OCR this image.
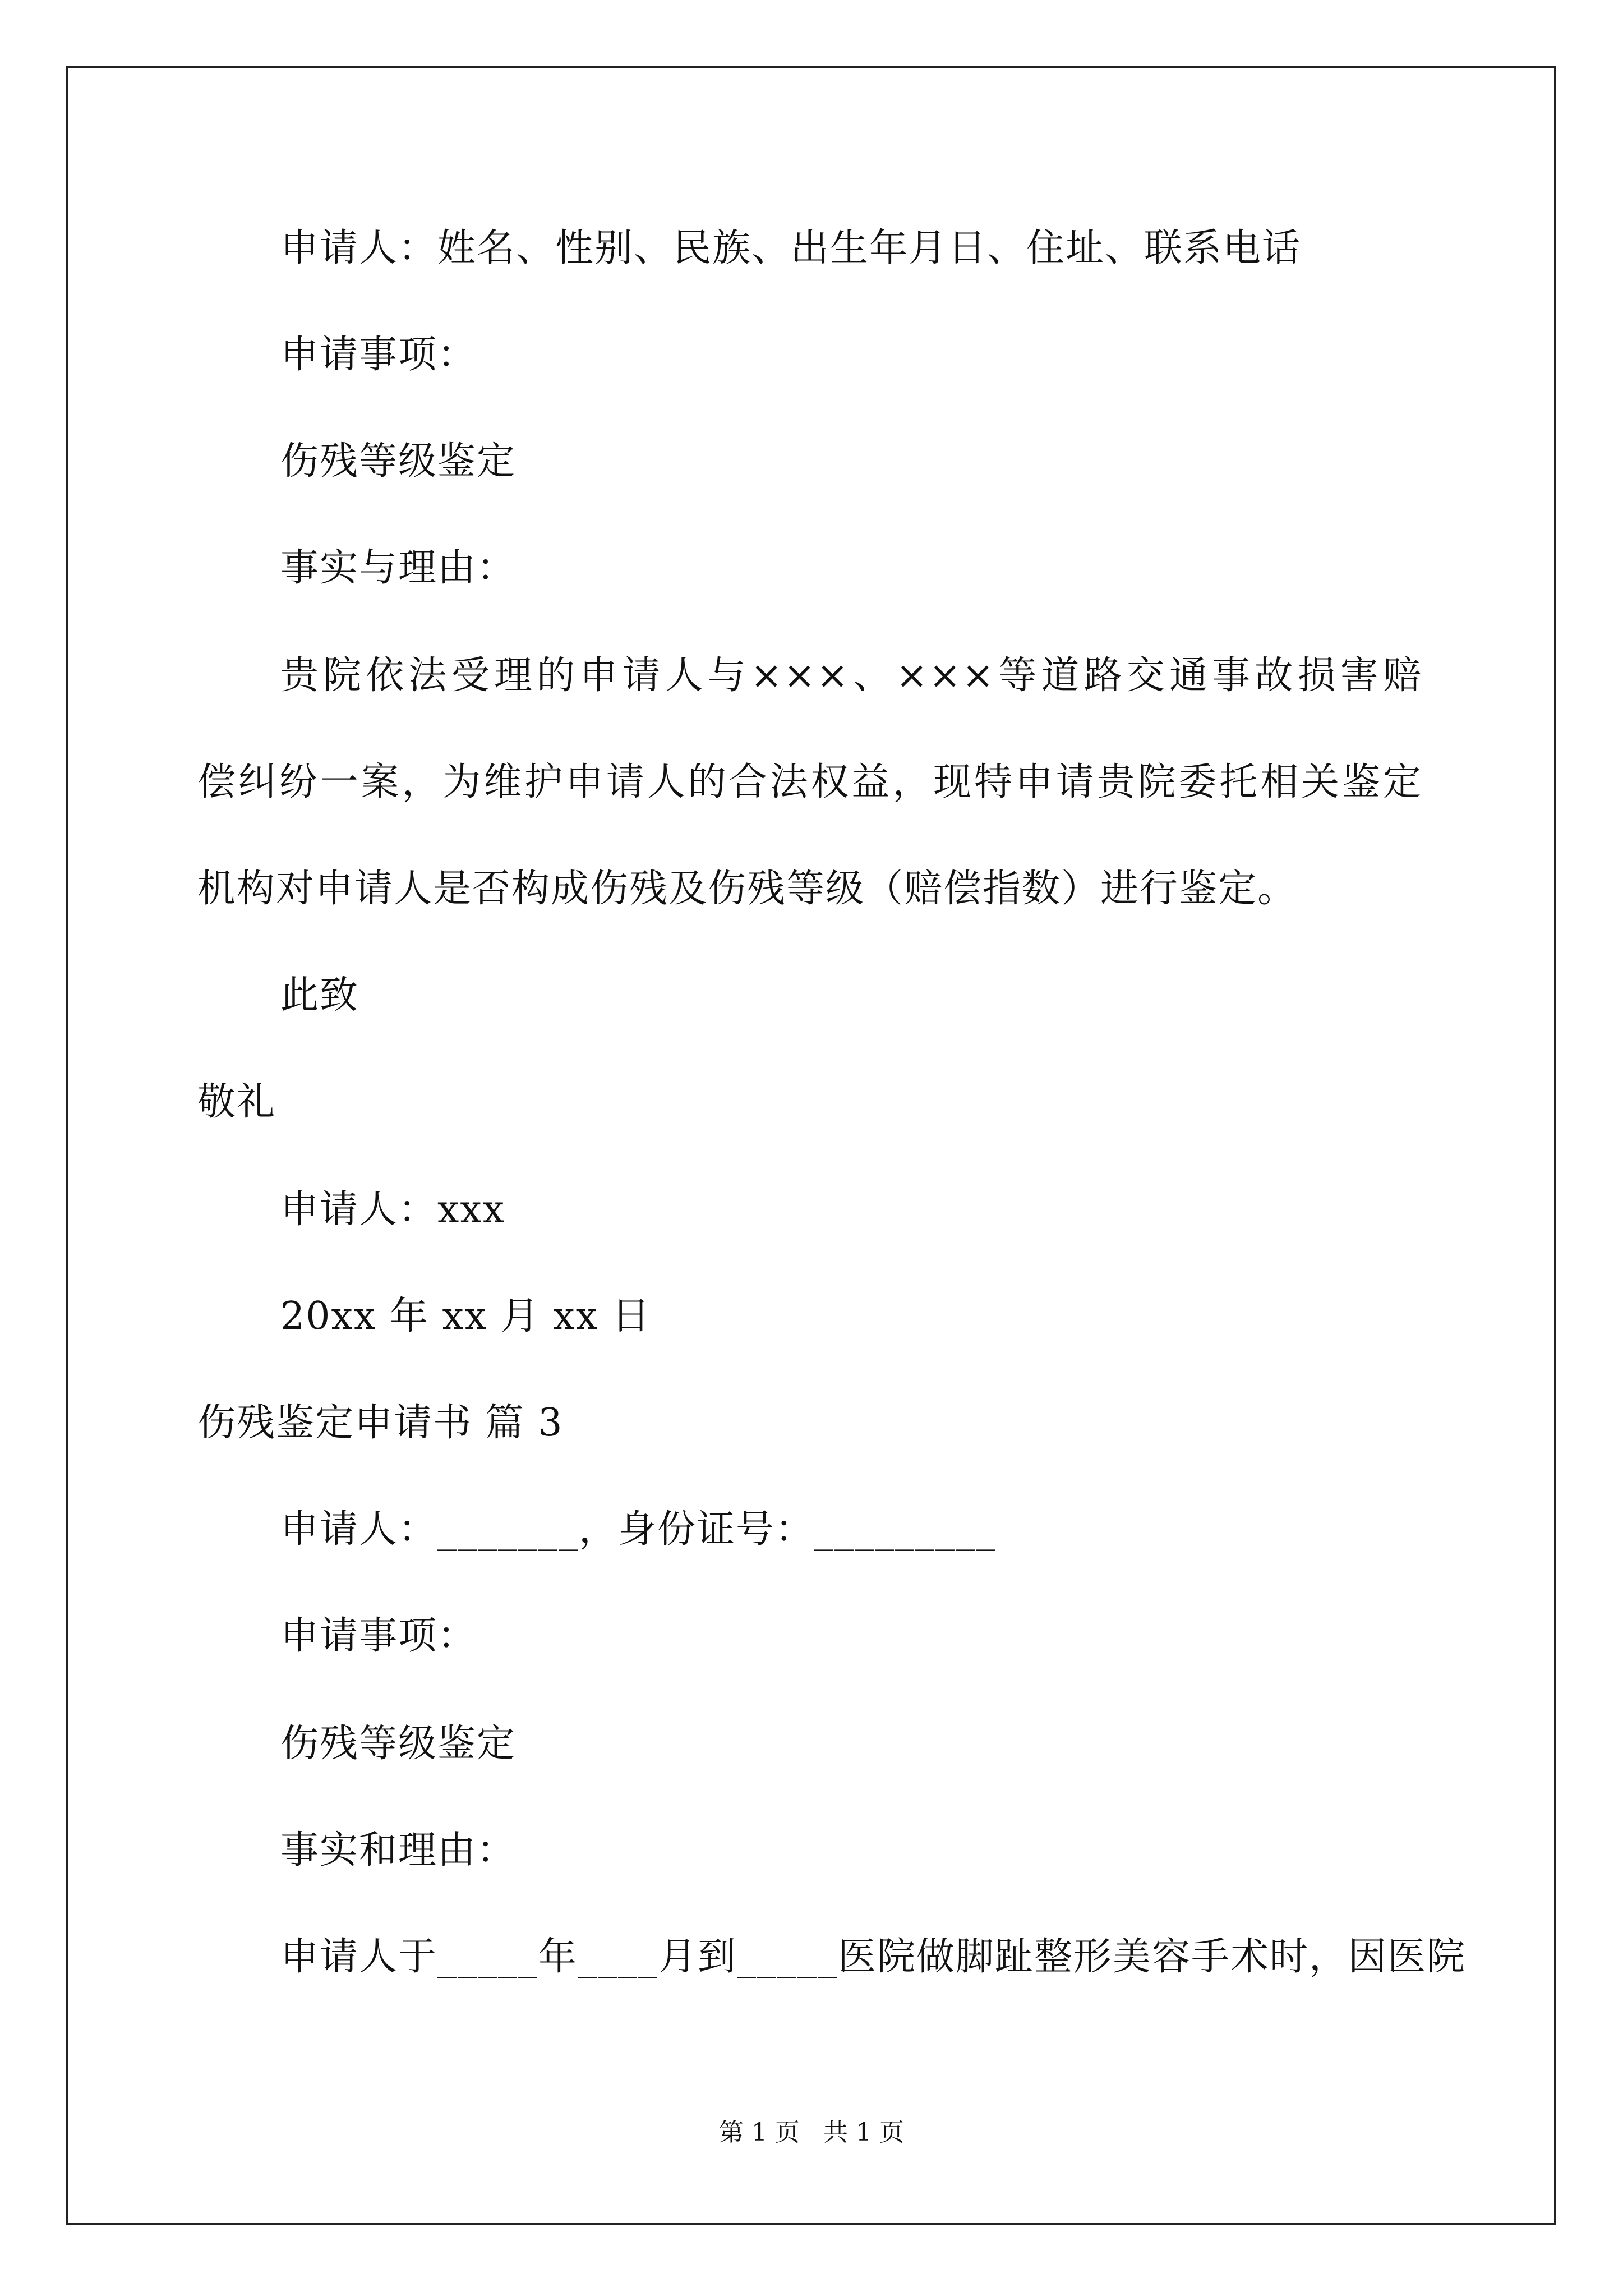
申请人：姓名、性别、民族、出生年月日、住址、联系电话
申请事项：
伤残等级鉴定
事实与理由：
贵院依法受理的申请人与×××、×××等道路交通事故损害赔
偿纠纷一案，为维护申请人的合法权益，现特申请贵院委托相关鉴定
机构对申请人是否构成伤残及伤残等级（赔偿指数）进行鉴定。
此致
敬礼
申请人：xxx
20xx 年 xx 月 xx 日
伤残鉴定申请书 篇 3
申请人：_______，身份证号：_________
申请事项：
伤残等级鉴定
事实和理由：
申请人于_____年____月到_____医院做脚趾整形美容手术时，因医院
第 1 页   共 1 页
